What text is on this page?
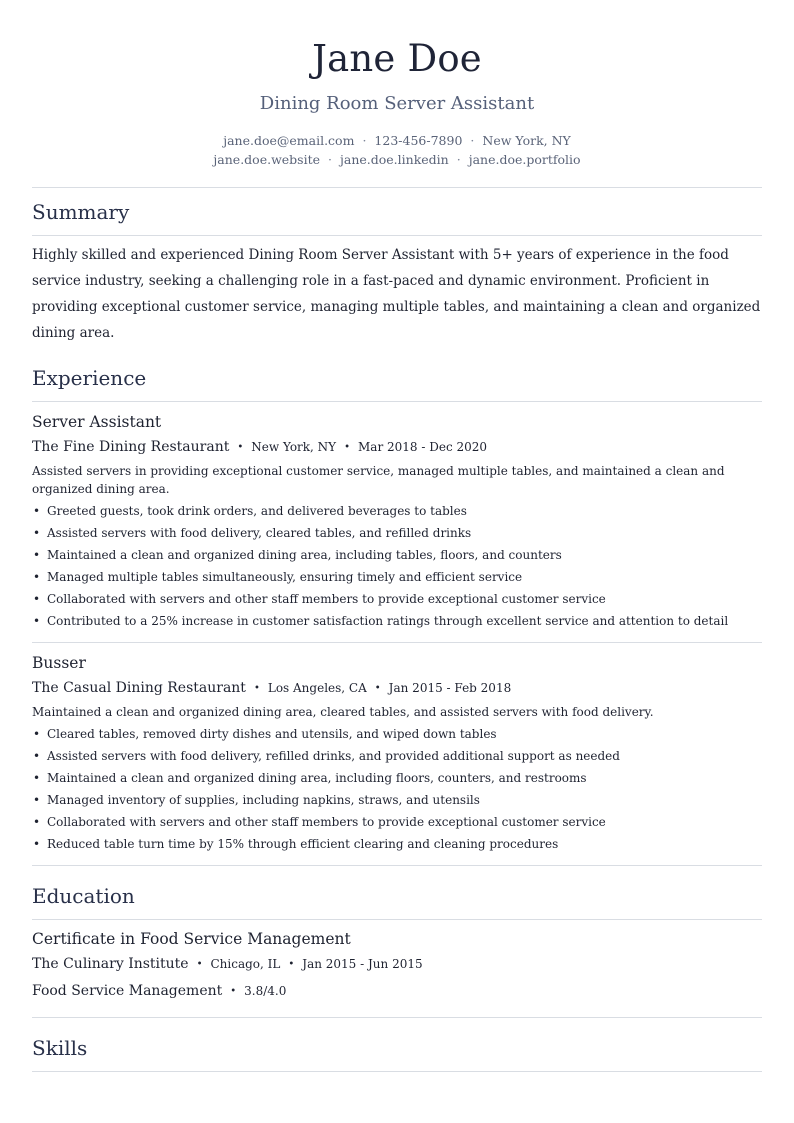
Jane Doe
Dining Room Server Assistant
jane.doe@email.com · 123-456-7890 · New York, NY
jane.doe.website · jane.doe.linkedin · jane.doe.portfolio
Summary
Highly skilled and experienced Dining Room Server Assistant with 5+ years of experience in the food service industry, seeking a challenging role in a fast-paced and dynamic environment. Proficient in providing exceptional customer service, managing multiple tables, and maintaining a clean and organized dining area.
Experience
Server Assistant
The Fine Dining Restaurant • New York, NY • Mar 2018 - Dec 2020
Assisted servers in providing exceptional customer service, managed multiple tables, and maintained a clean and organized dining area.
• Greeted guests, took drink orders, and delivered beverages to tables
• Assisted servers with food delivery, cleared tables, and refilled drinks
• Maintained a clean and organized dining area, including tables, floors, and counters
• Managed multiple tables simultaneously, ensuring timely and efficient service
• Collaborated with servers and other staff members to provide exceptional customer service
• Contributed to a 25% increase in customer satisfaction ratings through excellent service and attention to detail
Busser
The Casual Dining Restaurant • Los Angeles, CA • Jan 2015 - Feb 2018
Maintained a clean and organized dining area, cleared tables, and assisted servers with food delivery.
• Cleared tables, removed dirty dishes and utensils, and wiped down tables
• Assisted servers with food delivery, refilled drinks, and provided additional support as needed
• Maintained a clean and organized dining area, including floors, counters, and restrooms
• Managed inventory of supplies, including napkins, straws, and utensils
• Collaborated with servers and other staff members to provide exceptional customer service
• Reduced table turn time by 15% through efficient clearing and cleaning procedures
Education
Certificate in Food Service Management
The Culinary Institute • Chicago, IL • Jan 2015 - Jun 2015
Food Service Management • 3.8/4.0
Skills
